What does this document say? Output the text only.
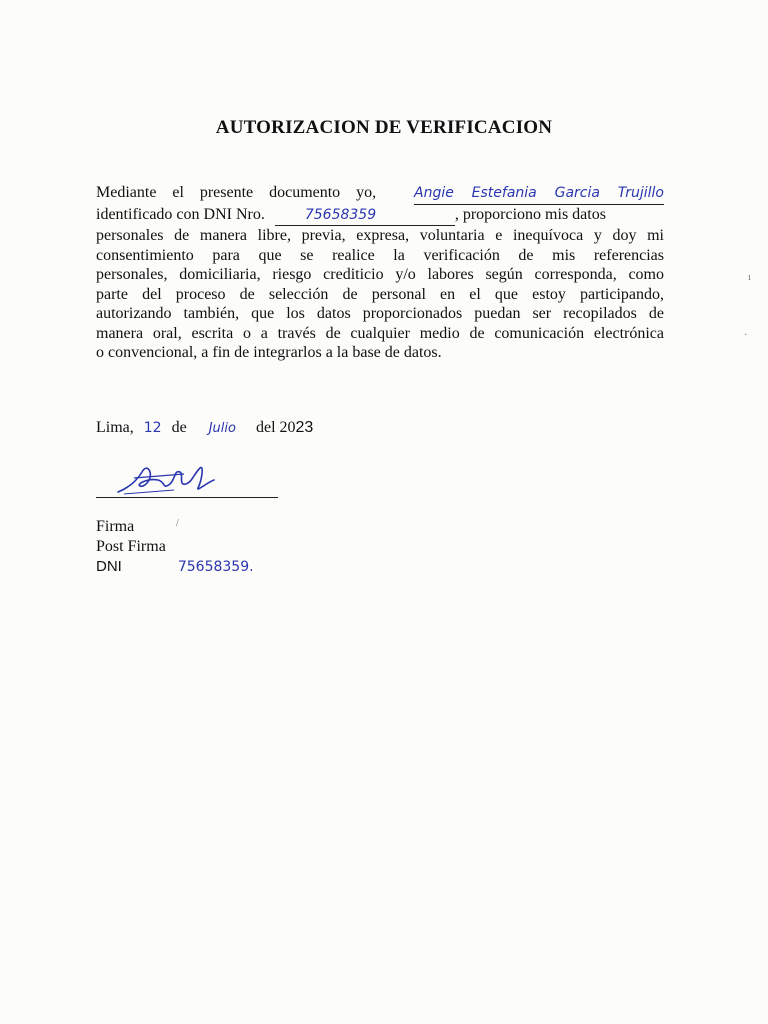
AUTORIZACION DE VERIFICACION
Mediante el presente documento yo,	Angie Estefania Garcia Trujillo
identificado con DNI Nro.	75658359	, proporciono mis datos
personales de manera libre, previa, expresa, voluntaria e inequívoca y doy mi
consentimiento para que se realice la verificación de mis referencias
personales, domiciliaria, riesgo crediticio y/o labores según corresponda, como
parte del proceso de selección de personal en el que estoy participando,
autorizando también, que los datos proporcionados puedan ser recopilados de
manera oral, escrita o a través de cualquier medio de comunicación electrónica
o convencional, a fin de integrarlos a la base de datos.
Lima, 12 de Julio del 2023
Firma
Post Firma
DNI	75658359.
ı
·
/
